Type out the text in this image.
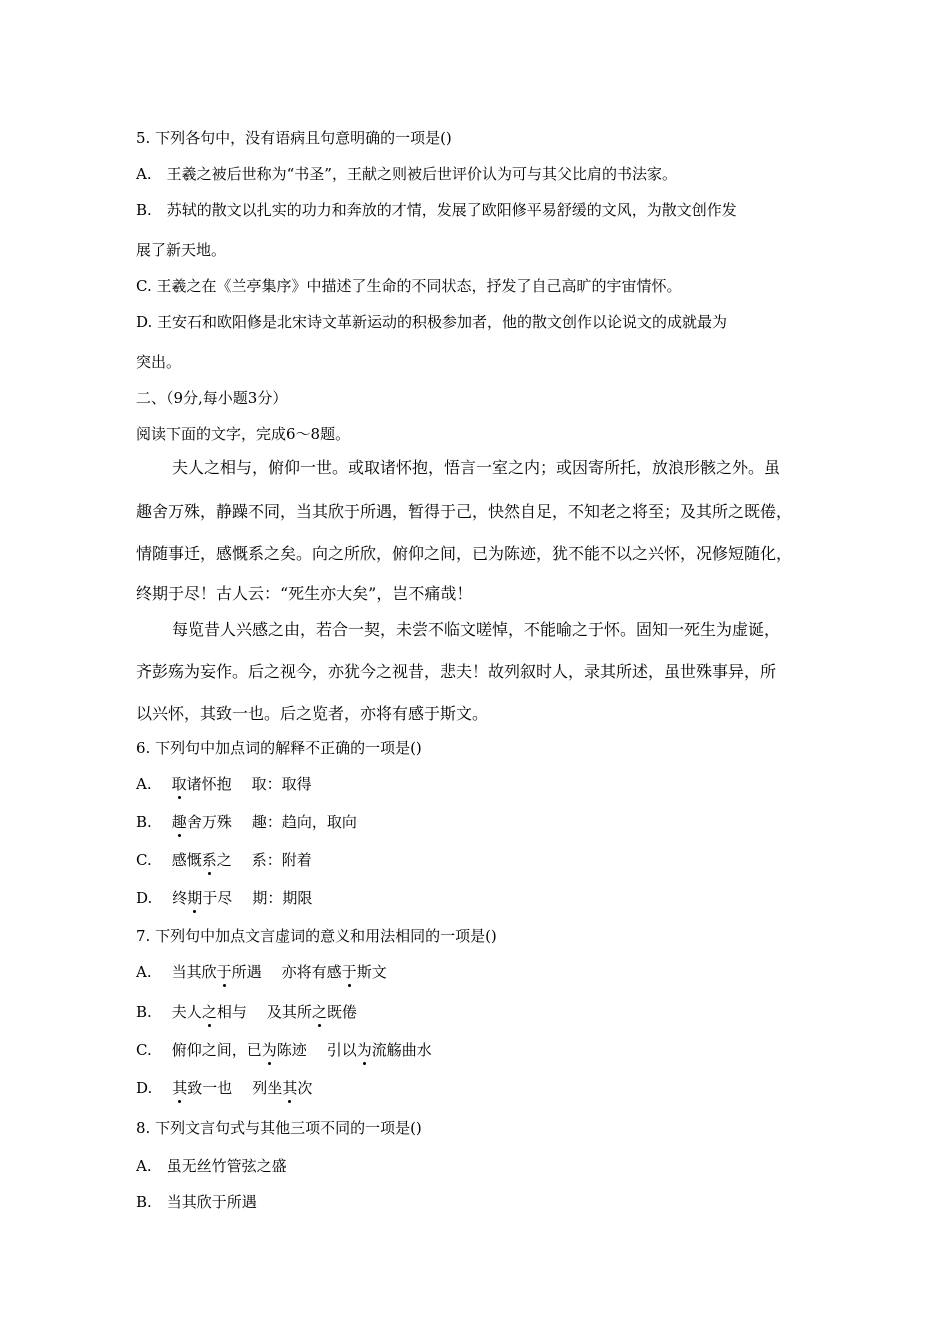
5. 下列各句中，没有语病且句意明确的一项是()
A.　王羲之被后世称为“书圣”，王献之则被后世评价认为可与其父比肩的书法家。
B.　苏轼的散文以扎实的功力和奔放的才情，发展了欧阳修平易舒缓的文风，为散文创作发
展了新天地。
C. 王羲之在《兰亭集序》中描述了生命的不同状态，抒发了自己高旷的宇宙情怀。
D. 王安石和欧阳修是北宋诗文革新运动的积极参加者，他的散文创作以论说文的成就最为
突出。
二、（9分,每小题3分）
阅读下面的文字，完成6～8题。
夫人之相与，俯仰一世。或取诸怀抱，悟言一室之内；或因寄所托，放浪形骸之外。虽
趣舍万殊，静躁不同，当其欣于所遇，暂得于己，快然自足，不知老之将至；及其所之既倦，
情随事迁，感慨系之矣。向之所欣，俯仰之间，已为陈迹，犹不能不以之兴怀，况修短随化，
终期于尽！古人云：“死生亦大矣”，岂不痛哉！
每览昔人兴感之由，若合一契，未尝不临文嗟悼，不能喻之于怀。固知一死生为虚诞，
齐彭殇为妄作。后之视今，亦犹今之视昔，悲夫！故列叙时人，录其所述，虽世殊事异，所
以兴怀，其致一也。后之览者，亦将有感于斯文。
6. 下列句中加点词的解释不正确的一项是()
A. 取诸怀抱 取：取得
B. 趣舍万殊 趣：趋向，取向
C. 感慨系之 系：附着
D. 终期于尽 期：期限
7. 下列句中加点文言虚词的意义和用法相同的一项是()
A. 当其欣于所遇 亦将有感于斯文
B. 夫人之相与 及其所之既倦
C. 俯仰之间，已为陈迹 引以为流觞曲水
D. 其致一也 列坐其次
8. 下列文言句式与其他三项不同的一项是()
A.　虽无丝竹管弦之盛
B.　当其欣于所遇
